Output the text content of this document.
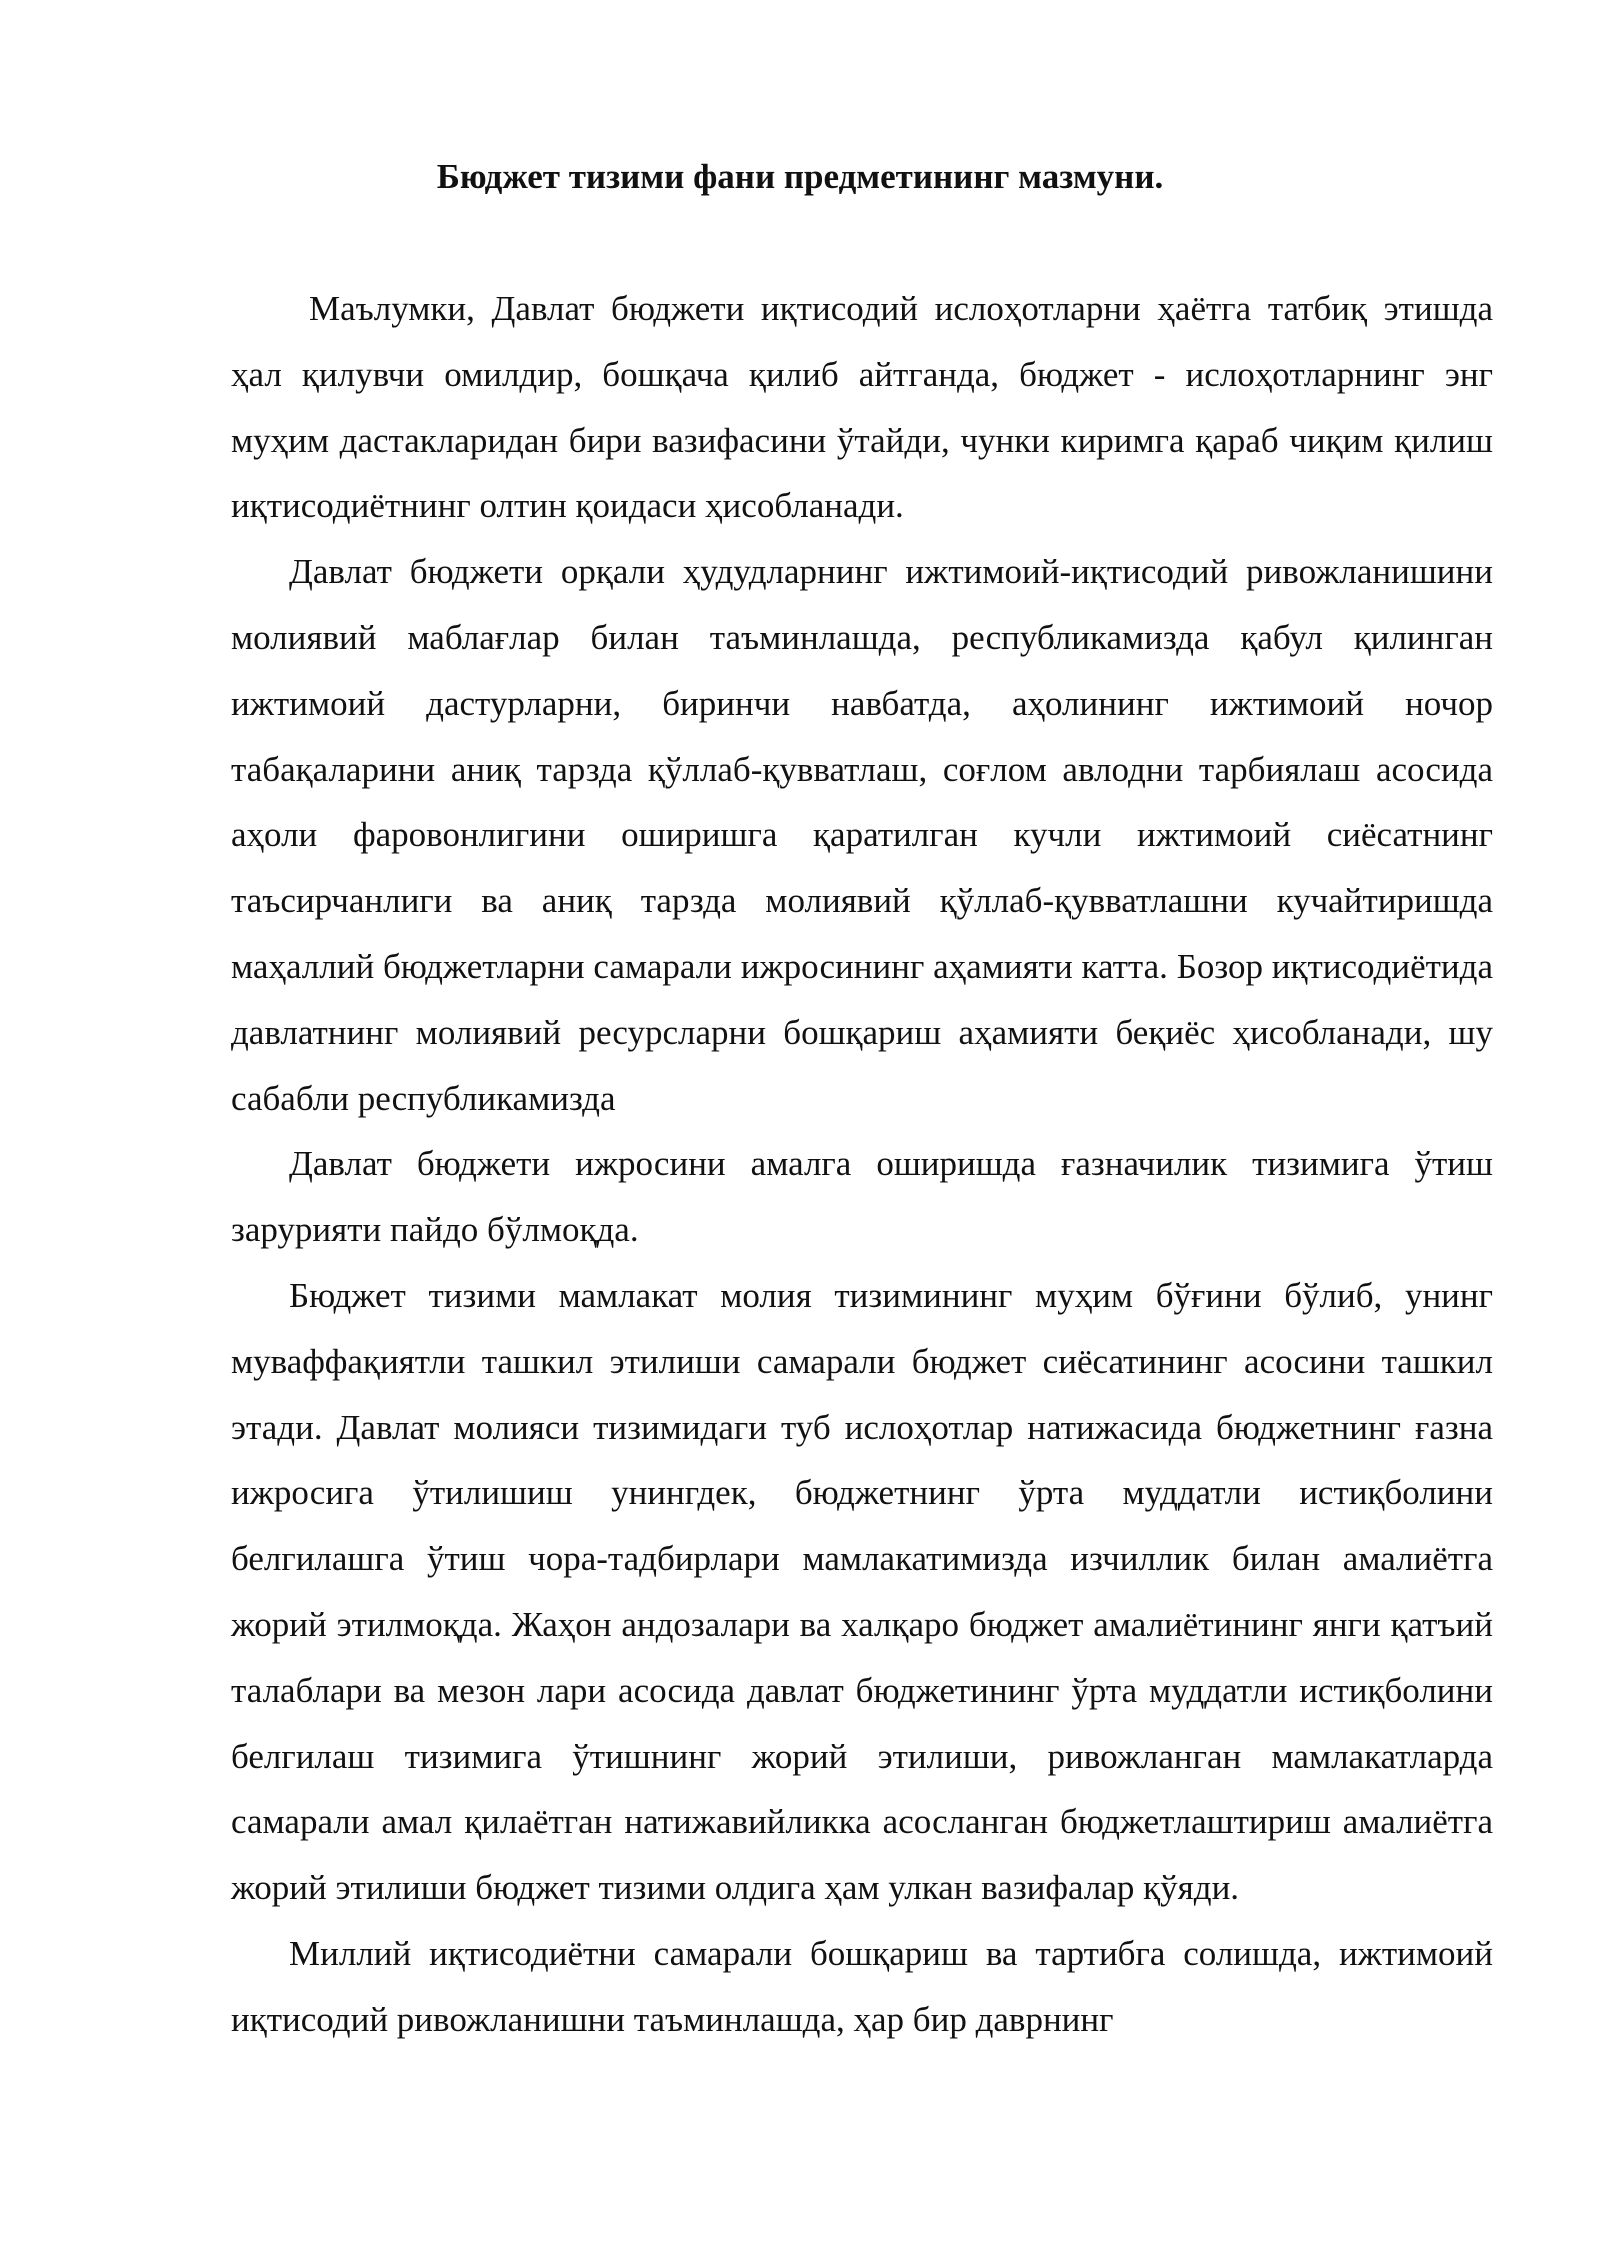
Бюджет тизими фани предметининг мазмуни.

Маълумки, Давлат бюджети иқтисодий ислоҳотларни ҳаётга татбиқ этишда ҳал қилувчи омилдир, бошқача қилиб айтганда, бюджет - ислоҳотларнинг энг муҳим дастакларидан бири вазифасини ўтайди, чунки киримга қараб чиқим қилиш иқтисодиётнинг олтин қоидаси ҳисобланади.

Давлат бюджети орқали ҳудудларнинг ижтимоий-иқтисодий ривожланишини молиявий маблағлар билан таъминлашда, республикамизда қабул қилинган ижтимоий дастурларни, биринчи навбатда, аҳолининг ижтимоий ночор табақаларини аниқ тарзда қўллаб-қувватлаш, соғлом авлодни тарбиялаш асосида аҳоли фаровонлигини оширишга қаратилган кучли ижтимоий сиёсатнинг таъсирчанлиги ва аниқ тарзда молиявий қўллаб-қувватлашни кучайтиришда маҳаллий бюджетларни самарали ижросининг аҳамияти катта. Бозор иқтисодиётида давлатнинг молиявий ресурсларни бошқариш аҳамияти беқиёс ҳисобланади, шу сабабли республикамизда

Давлат бюджети ижросини амалга оширишда ғазначилик тизимига ўтиш зарурияти пайдо бўлмоқда.

Бюджет тизими мамлакат молия тизимининг муҳим бўғини бўлиб, унинг муваффақиятли ташкил этилиши самарали бюджет сиёсатининг асосини ташкил этади. Давлат молияси тизимидаги туб ислоҳотлар натижасида бюджетнинг ғазна ижросига ўтилишиш унингдек, бюджетнинг ўрта муддатли истиқболини белгилашга ўтиш чора-тадбирлари мамлакатимизда изчиллик билан амалиётга жорий этилмоқда. Жаҳон андозалари ва халқаро бюджет амалиётининг янги қатъий талаблари ва мезон лари асосида давлат бюджетининг ўрта муддатли истиқболини белгилаш тизимига ўтишнинг жорий этилиши, ривожланган мамлакатларда самарали амал қилаётган натижавийликка асосланган бюджетлаштириш амалиётга жорий этилиши бюджет тизими олдига ҳам улкан вазифалар қўяди.

Миллий иқтисодиётни самарали бошқариш ва тартибга солишда, ижтимоий иқтисодий ривожланишни таъминлашда, ҳар бир даврнинг
